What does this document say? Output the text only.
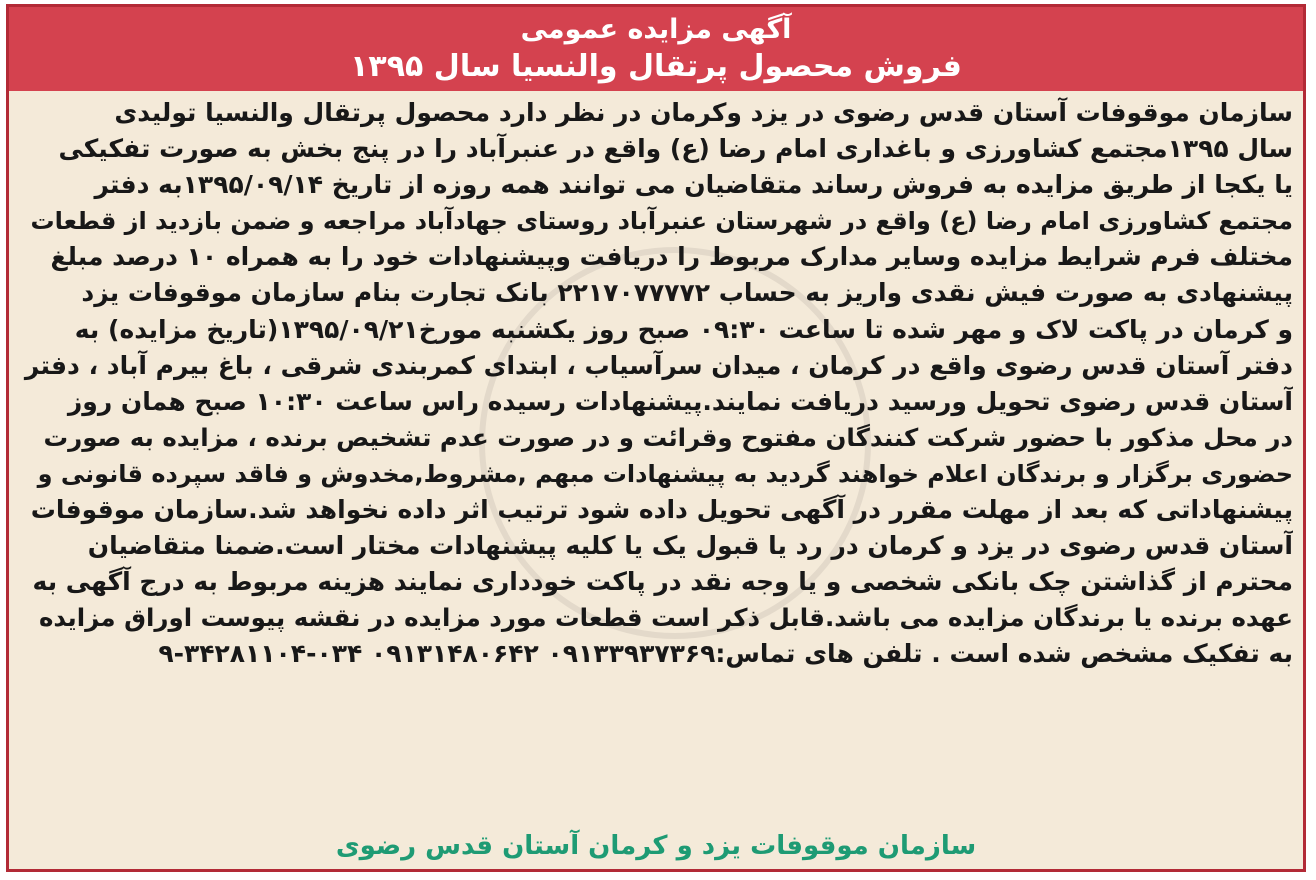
آگهی مزایده عمومی
فروش محصول پرتقال والنسیا سال ۱۳۹۵
سازمان موقوفات آستان قدس رضوی در یزد وکرمان در نظر دارد محصول پرتقال والنسیا تولیدی
سال ۱۳۹۵مجتمع کشاورزی و باغداری امام رضا (ع) واقع در عنبرآباد را در پنج بخش به صورت تفکیکی
یا یکجا از طریق مزایده به فروش رساند متقاضیان می توانند همه روزه از تاریخ ۱۳۹۵/۰۹/۱۴به دفتر
مجتمع کشاورزی امام رضا (ع) واقع در شهرستان عنبرآباد روستای جهادآباد مراجعه و ضمن بازدید از قطعات
مختلف فرم شرایط مزایده وسایر مدارک مربوط را دریافت وپیشنهادات خود را به همراه ۱۰ درصد مبلغ
پیشنهادی به صورت فیش نقدی واریز به حساب ۲۲۱۷۰۷۷۷۷۲ بانک تجارت بنام سازمان موقوفات یزد
و کرمان در پاکت لاک و مهر شده تا ساعت ۰۹:۳۰ صبح روز یکشنبه مورخ۱۳۹۵/۰۹/۲۱(تاریخ مزایده) به
دفتر آستان قدس رضوی واقع در کرمان ، میدان سرآسیاب ، ابتدای کمربندی شرقی ، باغ بیرم آباد ، دفتر
آستان قدس رضوی تحویل ورسید دریافت نمایند.پیشنهادات رسیده راس ساعت ۱۰:۳۰ صبح همان روز
در محل مذکور با حضور شرکت کنندگان مفتوح وقرائت و در صورت عدم تشخیص برنده ، مزایده به صورت
حضوری برگزار و برندگان اعلام خواهند گردید به پیشنهادات مبهم ,مشروط,مخدوش و فاقد سپرده قانونی و
پیشنهاداتی که بعد از مهلت مقرر در آگهی تحویل داده شود ترتیب اثر داده نخواهد شد.سازمان موقوفات
آستان قدس رضوی در یزد و کرمان در رد یا قبول یک یا کلیه پیشنهادات مختار است.ضمنا متقاضیان
محترم از گذاشتن چک بانکی شخصی و یا وجه نقد در پاکت خودداری نمایند هزینه مربوط به درج آگهی به
عهده برنده یا برندگان مزایده می باشد.قابل ذکر است قطعات مورد مزایده در نقشه پیوست اوراق مزایده
به تفکیک مشخص شده است . تلفن های تماس:۰۹۱۳۳۹۳۷۳۶۹ ۰۹۱۳۱۴۸۰۶۴۲ ۰۳۴-۳۴۲۸۱۱۰۴-۹
سازمان موقوفات یزد و کرمان آستان قدس رضوی
